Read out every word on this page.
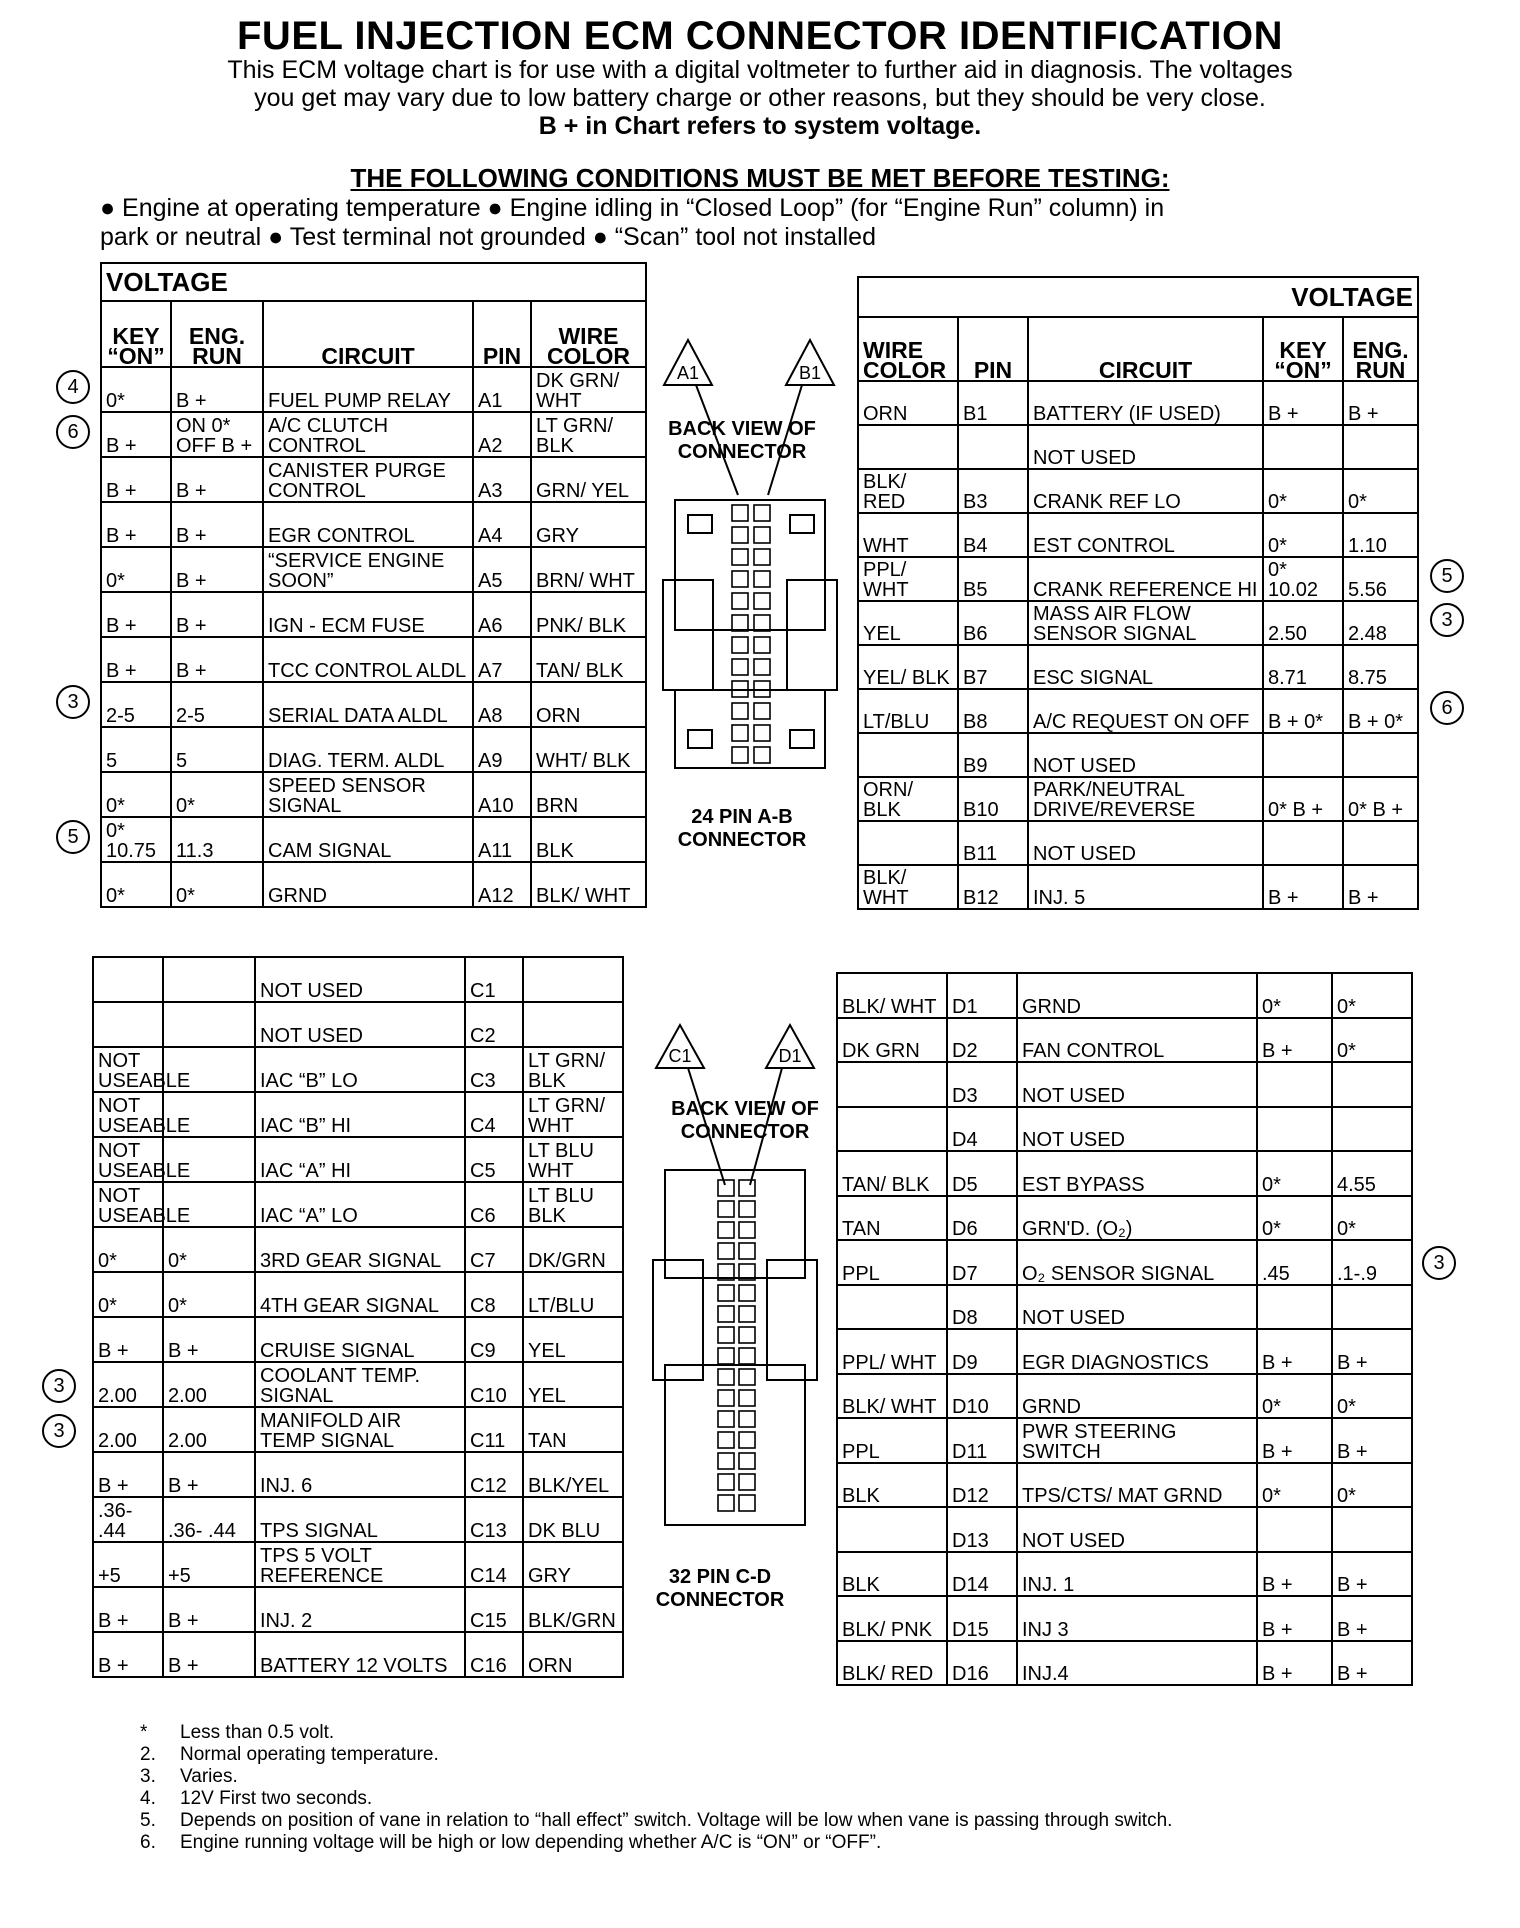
FUEL INJECTION ECM CONNECTOR IDENTIFICATION
This ECM voltage chart is for use with a digital voltmeter to further aid in diagnosis. The voltages
you get may vary due to low battery charge or other reasons, but they should be very close.
B + in Chart refers to system voltage.
THE FOLLOWING CONDITIONS MUST BE MET BEFORE TESTING:
● Engine at operating temperature ● Engine idling in “Closed Loop” (for “Engine Run” column) in
park or neutral ● Test terminal not grounded ● “Scan” tool not installed
VOLTAGE				
KEY “ON”	ENG. RUN	CIRCUIT	PIN	WIRE COLOR
0*	B +	FUEL PUMP RELAY	A1	DK GRN/ WHT
B +	ON 0* OFF B +	A/C CLUTCH CONTROL	A2	LT GRN/ BLK
B +	B +	CANISTER PURGE CONTROL	A3	GRN/ YEL
B +	B +	EGR CONTROL	A4	GRY
0*	B +	“SERVICE ENGINE SOON”	A5	BRN/ WHT
B +	B +	IGN - ECM FUSE	A6	PNK/ BLK
B +	B +	TCC CONTROL ALDL	A7	TAN/ BLK
2-5	2-5	SERIAL DATA ALDL	A8	ORN
5	5	DIAG. TERM. ALDL	A9	WHT/ BLK
0*	0*	SPEED SENSOR SIGNAL	A10	BRN
0* 10.75	11.3	CAM SIGNAL	A11	BLK
0*	0*	GRND	A12	BLK/ WHT
VOLTAGE				
WIRE COLOR	PIN	CIRCUIT	KEY “ON”	ENG. RUN
ORN	B1	BATTERY (IF USED)	B +	B +
		NOT USED		
BLK/ RED	B3	CRANK REF LO	0*	0*
WHT	B4	EST CONTROL	0*	1.10
PPL/ WHT	B5	CRANK REFERENCE HI	0* 10.02	5.56
YEL	B6	MASS AIR FLOW SENSOR SIGNAL	2.50	2.48
YEL/ BLK	B7	ESC SIGNAL	8.71	8.75
LT/BLU	B8	A/C REQUEST ON OFF	B + 0*	B + 0*
	B9	NOT USED		
ORN/ BLK	B10	PARK/NEUTRAL DRIVE/REVERSE	0* B +	0* B +
	B11	NOT USED		
BLK/ WHT	B12	INJ. 5	B +	B +
		NOT USED	C1	
		NOT USED	C2	
NOT USEABLE		IAC “B” LO	C3	LT GRN/ BLK
NOT USEABLE		IAC “B” HI	C4	LT GRN/ WHT
NOT USEABLE		IAC “A” HI	C5	LT BLU WHT
NOT USEABLE		IAC “A” LO	C6	LT BLU BLK
0*	0*	3RD GEAR SIGNAL	C7	DK/GRN
0*	0*	4TH GEAR SIGNAL	C8	LT/BLU
B +	B +	CRUISE SIGNAL	C9	YEL
2.00	2.00	COOLANT TEMP. SIGNAL	C10	YEL
2.00	2.00	MANIFOLD AIR TEMP SIGNAL	C11	TAN
B +	B +	INJ. 6	C12	BLK/YEL
.36- .44	.36- .44	TPS SIGNAL	C13	DK BLU
+5	+5	TPS 5 VOLT REFERENCE	C14	GRY
B +	B +	INJ. 2	C15	BLK/GRN
B +	B +	BATTERY 12 VOLTS	C16	ORN
BLK/ WHT	D1	GRND	0*	0*
DK GRN	D2	FAN CONTROL	B +	0*
	D3	NOT USED		
	D4	NOT USED		
TAN/ BLK	D5	EST BYPASS	0*	4.55
TAN	D6	GRN'D. (O₂)	0*	0*
PPL	D7	O₂ SENSOR SIGNAL	.45	.1-.9
	D8	NOT USED		
PPL/ WHT	D9	EGR DIAGNOSTICS	B +	B +
BLK/ WHT	D10	GRND	0*	0*
PPL	D11	PWR STEERING SWITCH	B +	B +
BLK	D12	TPS/CTS/ MAT GRND	0*	0*
	D13	NOT USED		
BLK	D14	INJ. 1	B +	B +
BLK/ PNK	D15	INJ 3	B +	B +
BLK/ RED	D16	INJ.4	B +	B +
A1	B1
BACK VIEW OF CONNECTOR
24 PIN A-B CONNECTOR
C1	D1
BACK VIEW OF CONNECTOR
32 PIN C-D CONNECTOR
*	Less than 0.5 volt.
2.	Normal operating temperature.
3.	Varies.
4.	12V First two seconds.
5.	Depends on position of vane in relation to “hall effect” switch. Voltage will be low when vane is passing through switch.
6.	Engine running voltage will be high or low depending whether A/C is “ON” or “OFF”.
4
6
3
5
5
3
6
3
3
3
